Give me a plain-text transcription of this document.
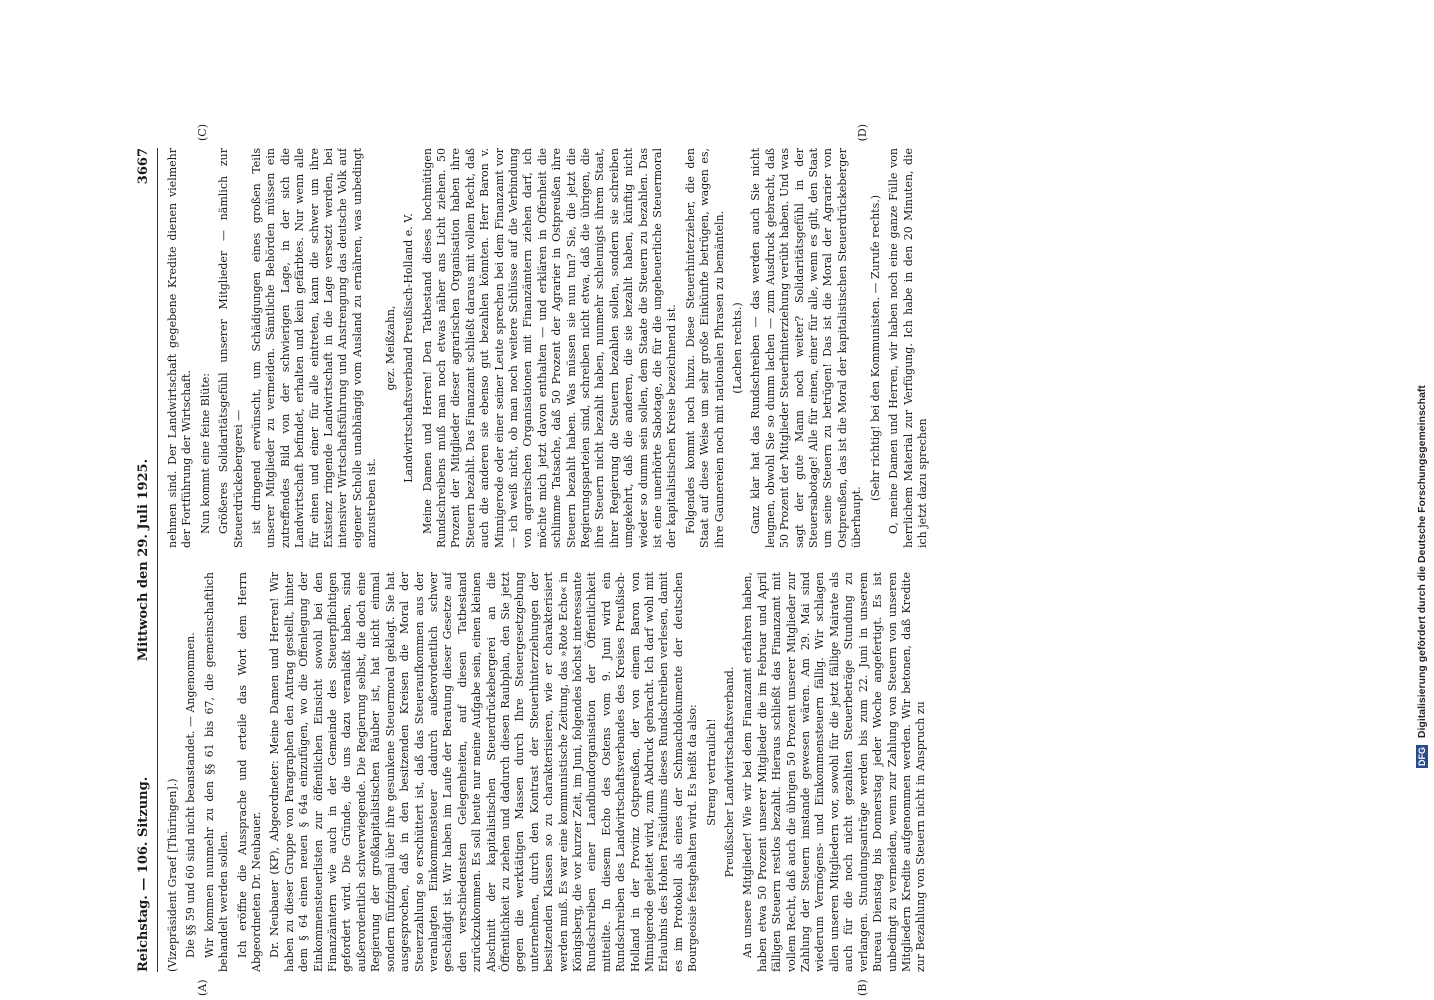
Reichstag. — 106. Sitzung.
Mittwoch den 29. Juli 1925.
3667

(Vizepräsident Graef [Thüringen].) Die §§ 59 und 60 sind nicht beanstandet. — Angenommen. Wir kommen nunmehr zu den §§ 61 bis 67, die gemeinschaftlich behandelt werden sollen. Ich eröffne die Aussprache und erteile das Wort dem Herrn Abgeordneten Dr. Neubauer. Dr. Neubauer (KP), Abgeordneter: Meine Damen und Herren! Wir haben zu dieser Gruppe von Paragraphen den Antrag gestellt, hinter dem § 64 einen neuen § 64a einzufügen, wo die Offenlegung der Einkommensteuerlisten zur öffentlichen Einsicht sowohl bei den Finanzämtern wie auch in der Gemeinde des Steuerpflichtigen gefordert wird. Die Gründe, die uns dazu veranlaßt haben, sind außerordentlich schwerwiegende. Die Regierung selbst, die doch eine Regierung der großkapitalistischen Räuber ist, hat nicht einmal sondern fünfzigmal über ihre gesunkene Steuermoral geklagt. Sie hat ausgesprochen, daß in den besitzenden Kreisen die Moral der Steuerzahlung so erschüttert ist, daß das Steueraufkommen aus der veranlagten Einkommensteuer dadurch außerordentlich schwer geschädigt ist. Wir haben im Laufe der Beratung dieser Gesetze auf den verschiedensten Gelegenheiten, auf diesen Tatbestand zurückzukommen. Es soll heute nur meine Aufgabe sein, einen kleinen Abschnitt der kapitalistischen Steuerdrückebergerei an die Öffentlichkeit zu ziehen und dadurch diesen Raubplan, den Sie jetzt gegen die werktätigen Massen durch Ihre Steuergesetzgebung unternehmen, durch den Kontrast der Steuerhinterziehungen der besitzenden Klassen so zu charakterisieren, wie er charakterisiert werden muß. Es war eine kommunistische Zeitung, das »Rote Echo« in Königsberg, die vor kurzer Zeit, im Juni, folgendes höchst interessante Rundschreiben einer Landbundorganisation der Öffentlichkeit mitteilte. In diesem Echo des Ostens vom 9. Juni wird ein Rundschreiben des Landwirtschaftsverbandes des Kreises Preußisch-Holland in der Provinz Ostpreußen, der von einem Baron von Minnigerode geleitet wird, zum Abdruck gebracht. Ich darf wohl mit Erlaubnis des Hohen Präsidiums dieses Rundschreiben verlesen, damit es im Protokoll als eines der Schmachdokumente der deutschen Bourgeoisie festgehalten wird. Es heißt da also: Streng vertraulich! Preußischer Landwirtschaftsverband. An unsere Mitglieder! Wie wir bei dem Finanzamt erfahren haben, haben etwa 50 Prozent unserer Mitglieder die im Februar und April fälligen Steuern restlos bezahlt. Hieraus schließt das Finanzamt mit vollem Recht, daß auch die übrigen 50 Prozent unserer Mitglieder zur Zahlung der Steuern imstande gewesen wären. Am 29. Mai sind wiederum Vermögens- und Einkommensteuern fällig. Wir schlagen allen unseren Mitgliedern vor, sowohl für die jetzt fällige Mairate als auch für die noch nicht gezahlten Steuerbeträge Stundung zu verlangen. Stundungsanträge werden bis zum 22. Juni in unserem Bureau Dienstag bis Donnerstag jeder Woche angefertigt. Es ist unbedingt zu vermeiden, wenn zur Zahlung von Steuern von unseren Mitgliedern Kredite aufgenommen werden. Wir betonen, daß Kredite zur Bezahlung von Steuern nicht in Anspruch zu

nehmen sind. Der Landwirtschaft gegebene Kredite dienen vielmehr der Fortführung der Wirtschaft. Nun kommt eine feine Blüte: Größeres Solidaritätsgefühl unserer Mitglieder — nämlich zur Steuerdrückebergerei — ist dringend erwünscht, um Schädigungen eines großen Teils unserer Mitglieder zu vermeiden. Sämtliche Behörden müssen ein zutreffendes Bild von der schwierigen Lage, in der sich die Landwirtschaft befindet, erhalten und kein gefärbtes. Nur wenn alle für einen und einer für alle eintreten, kann die schwer um ihre Existenz ringende Landwirtschaft in die Lage versetzt werden, bei intensiver Wirtschaftsführung und Anstrengung das deutsche Volk auf eigener Scholle unabhängig vom Ausland zu ernähren, was unbedingt anzustreben ist.

gez. Meißzahn, Landwirtschaftsverband Preußisch-Holland e. V. Meine Damen und Herren! Den Tatbestand dieses hochmütigen Rundschreibens muß man noch etwas näher ans Licht ziehen. 50 Prozent der Mitglieder dieser agrarischen Organisation haben ihre Steuern bezahlt. Das Finanzamt schließt daraus mit vollem Recht, daß auch die anderen sie ebenso gut bezahlen könnten. Herr Baron v. Minnigerode oder einer seiner Leute sprechen bei dem Finanzamt vor — ich weiß nicht, ob man noch weitere Schlüsse auf die Verbindung von agrarischen Organisationen mit Finanzämtern ziehen darf, ich möchte mich jetzt davon enthalten — und erklären in Offenheit die schlimme Tatsache, daß 50 Prozent der Agrarier in Ostpreußen ihre Steuern bezahlt haben. Was müssen sie nun tun? Sie, die jetzt die Regierungsparteien sind, schreiben nicht etwa, daß die übrigen, die ihre Steuern nicht bezahlt haben, nunmehr schleunigst ihrem Staat, ihrer Regierung die Steuern bezahlen sollen, sondern sie schreiben umgekehrt, daß die anderen, die sie bezahlt haben, künftig nicht wieder so dumm sein sollen, dem Staate die Steuern zu bezahlen. Das ist eine unerhörte Sabotage, die für die ungeheuerliche Steuermoral der kapitalistischen Kreise bezeichnend ist. Folgendes kommt noch hinzu. Diese Steuerhinterzieher, die den Staat auf diese Weise um sehr große Einkünfte betrügen, wagen es, ihre Gaunereien noch mit nationalen Phrasen zu bemänteln. (Lachen rechts.) Ganz klar hat das Rundschreiben — das werden auch Sie nicht leugnen, obwohl Sie so dumm lachen — zum Ausdruck gebracht, daß 50 Prozent der Mitglieder Steuerhinterziehung verübt haben. Und was sagt der gute Mann noch weiter? Solidaritätsgefühl in der Steuersabotage! Alle für einen, einer für alle, wenn es gilt, den Staat um seine Steuern zu betrügen! Das ist die Moral der Agrarier von Ostpreußen, das ist die Moral der kapitalistischen Steuerdrückeberger überhaupt.

(Sehr richtig! bei den Kommunisten. — Zurufe rechts.) O, meine Damen und Herren, wir haben noch eine ganze Fülle von herrlichem Material zur Verfügung. Ich habe in den 20 Minuten, die ich jetzt dazu sprechen

(A)	(B)
(C)	(D)
DFG Digitalisierung gefördert durch die Deutsche Forschungsgemeinschaft
